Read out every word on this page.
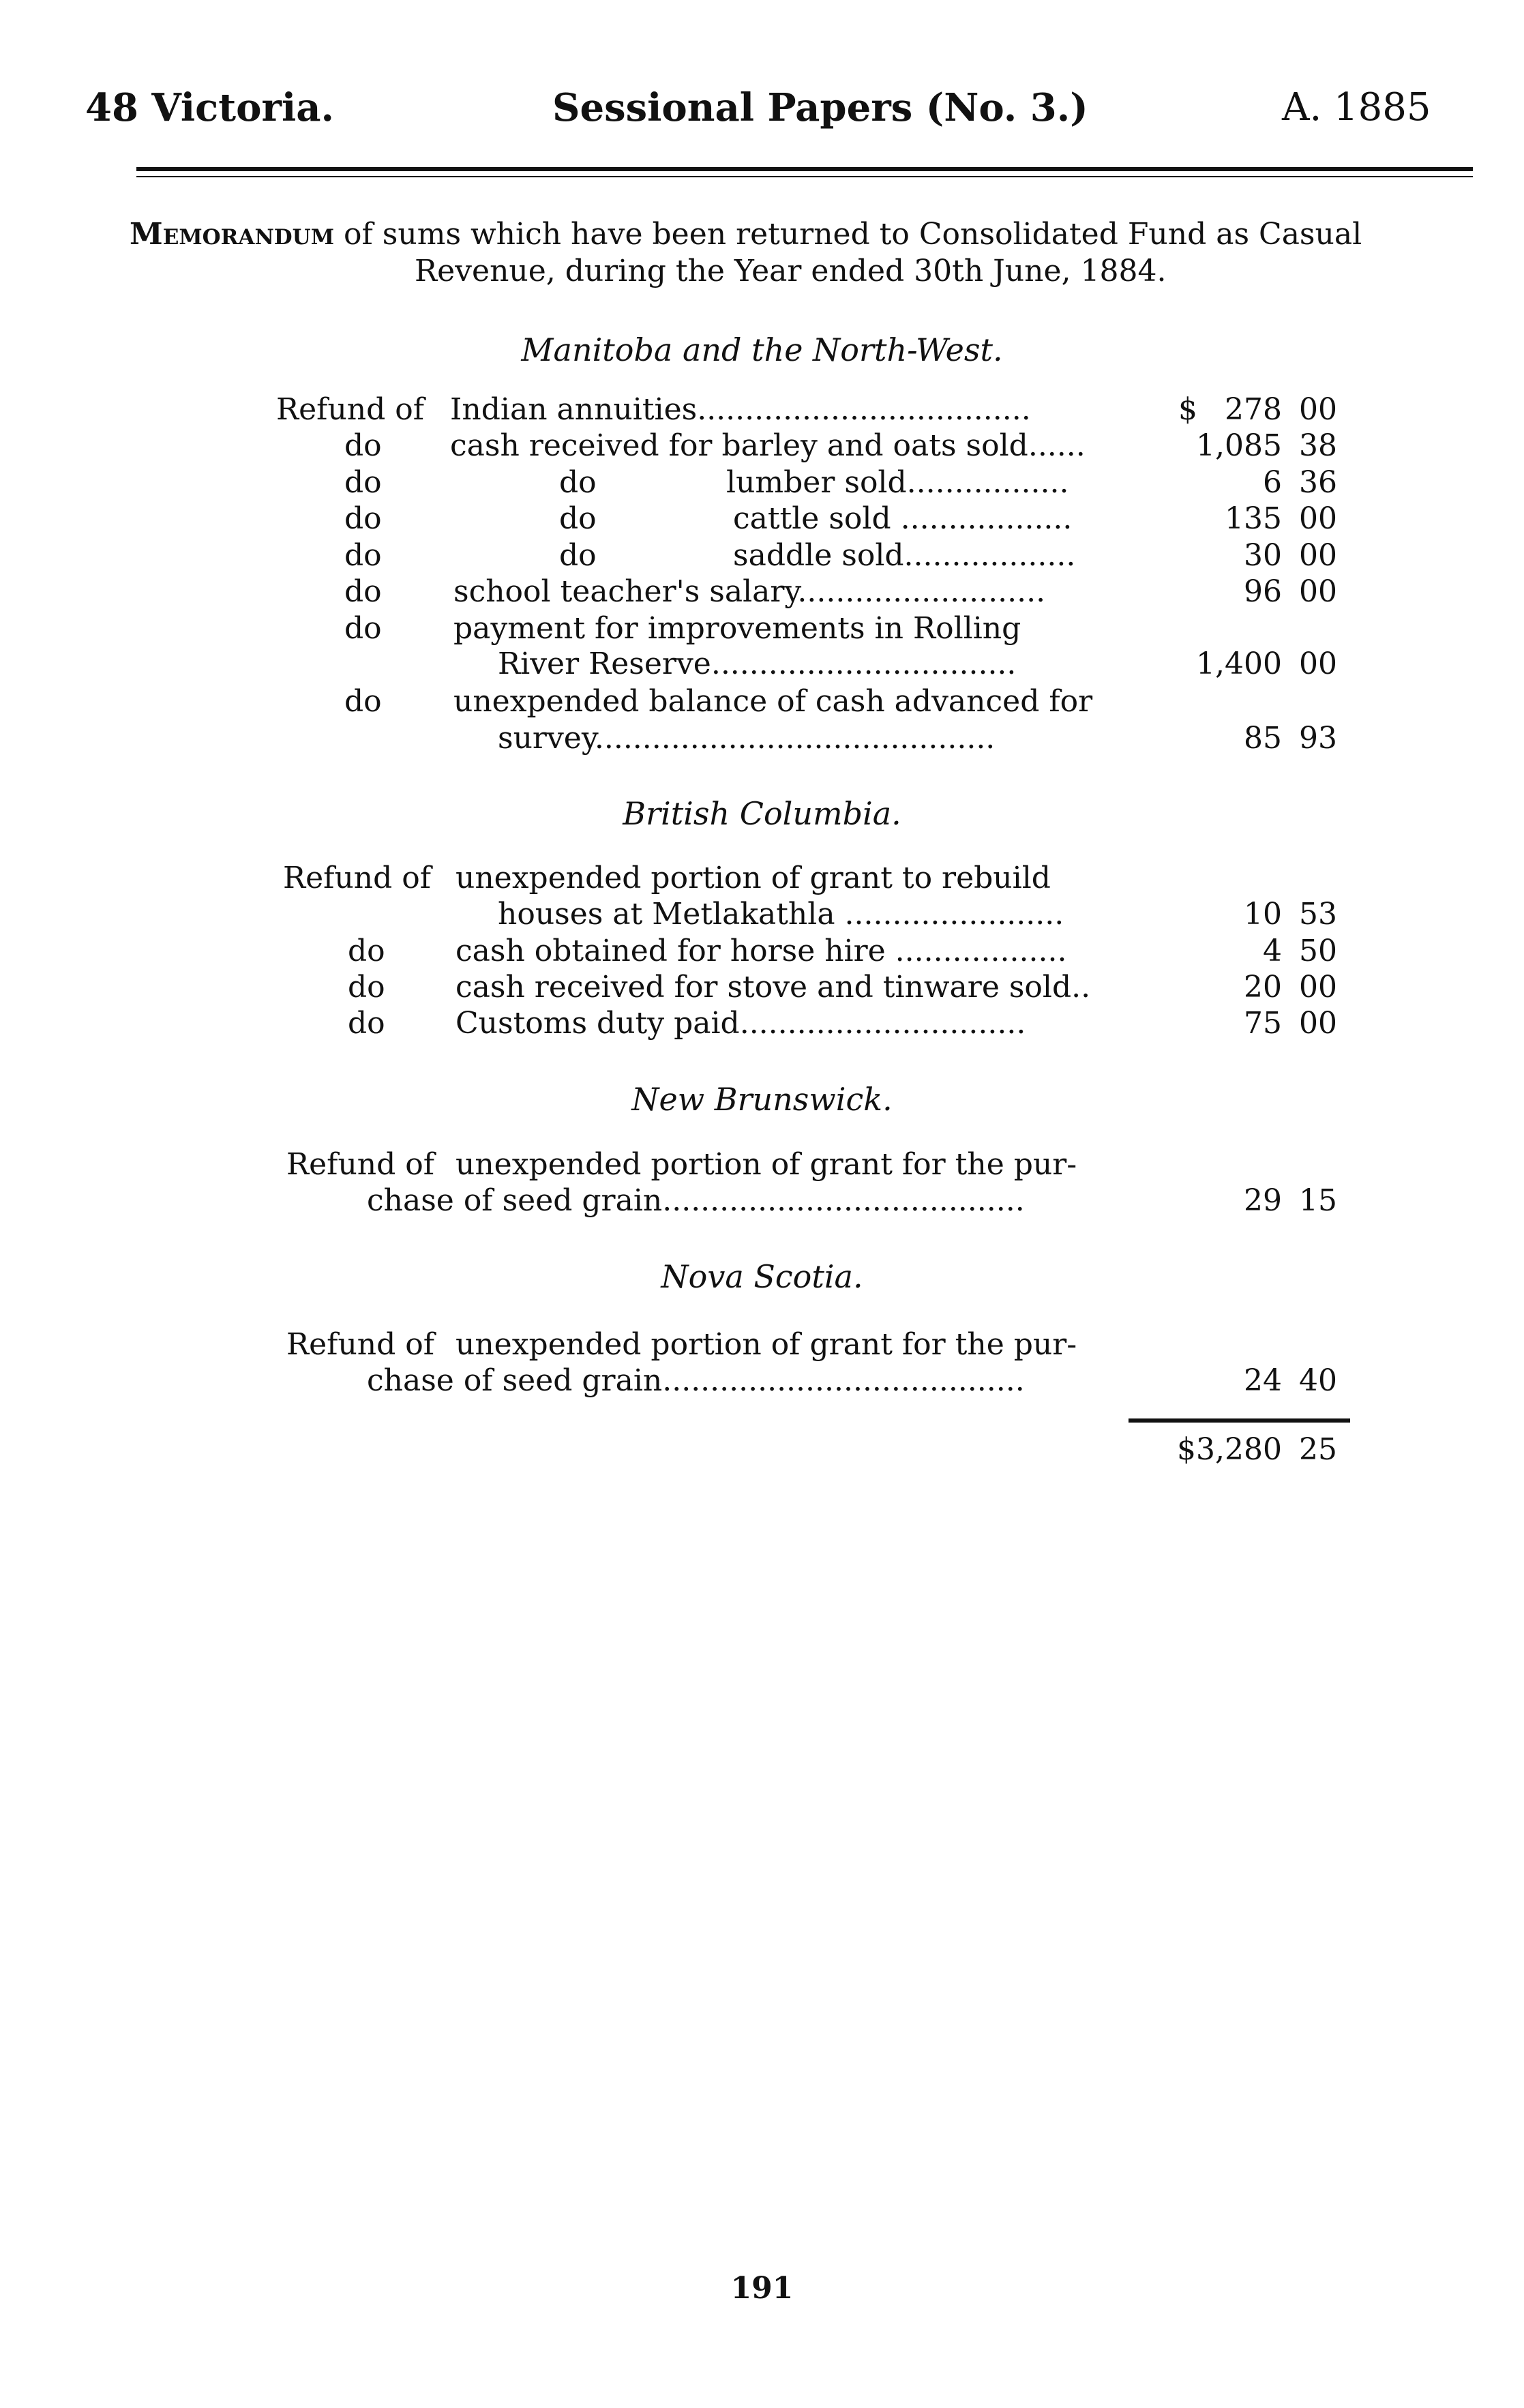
48 Victoria.	Sessional Papers (No. 3.)	A. 1885
Memorandum of sums which have been returned to Consolidated Fund as Casual
Revenue, during the Year ended 30th June, 1884.
Manitoba and the North-West.
Refund of Indian annuities...................................	$ 278 00
do cash received for barley and oats sold......	1,085 38
do	do	lumber sold.................	6 36
do	do	cattle sold ..................	135 00
do	do	saddle sold..................	30 00
do school teacher's salary..........................	96 00
do payment for improvements in Rolling
River Reserve................................	1,400 00
do unexpended balance of cash advanced for
survey..........................................	85 93
British Columbia.
Refund of unexpended portion of grant to rebuild
houses at Metlakathla .......................	10 53
do cash obtained for horse hire ..................	4 50
do cash received for stove and tinware sold..	20 00
do Customs duty paid..............................	75 00
New Brunswick.
Refund of unexpended portion of grant for the pur-
chase of seed grain......................................	29 15
Nova Scotia.
Refund of unexpended portion of grant for the pur-
chase of seed grain......................................	24 40
$3,280 25
191
